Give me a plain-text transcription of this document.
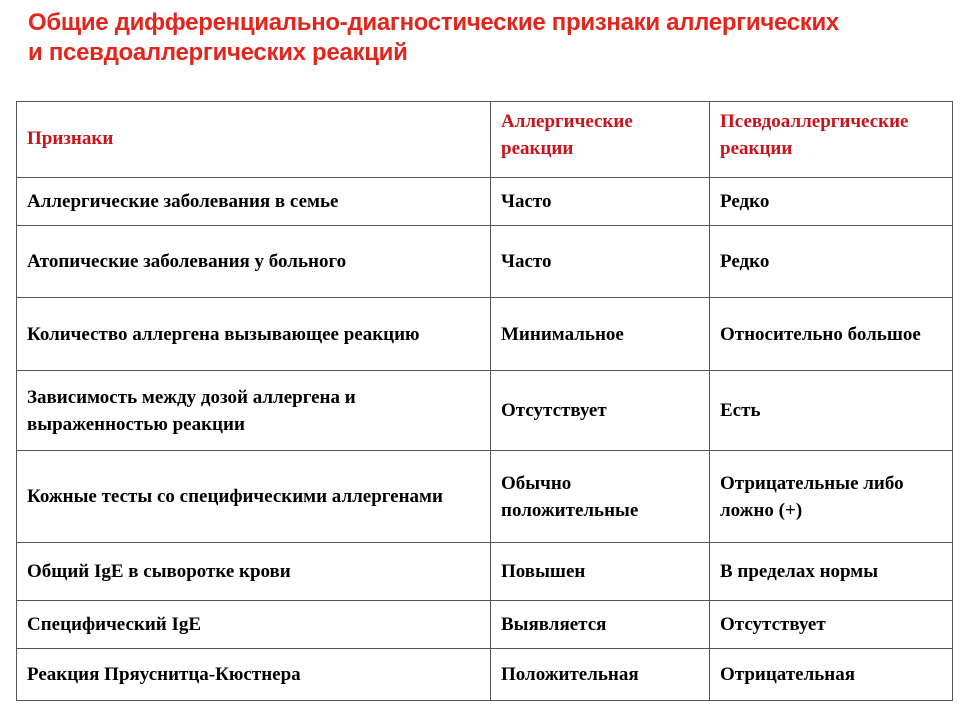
Общие дифференциально-диагностические признаки аллергических
и псевдоаллергических реакций
Признаки	Аллергические реакции	Псевдоаллергические реакции
Аллергические заболевания в семье	Часто	Редко
Атопические заболевания у больного	Часто	Редко
Количество аллергена вызывающее реакцию	Минимальное	Относительно большое
Зависимость между дозой аллергена и выраженностью реакции	Отсутствует	Есть
Кожные тесты со специфическими аллергенами	Обычно положительные	Отрицательные либо ложно (+)
Общий IgE в сыворотке крови	Повышен	В пределах нормы
Специфический IgE	Выявляется	Отсутствует
Реакция Пряуснитца-Кюстнера	Положительная	Отрицательная
